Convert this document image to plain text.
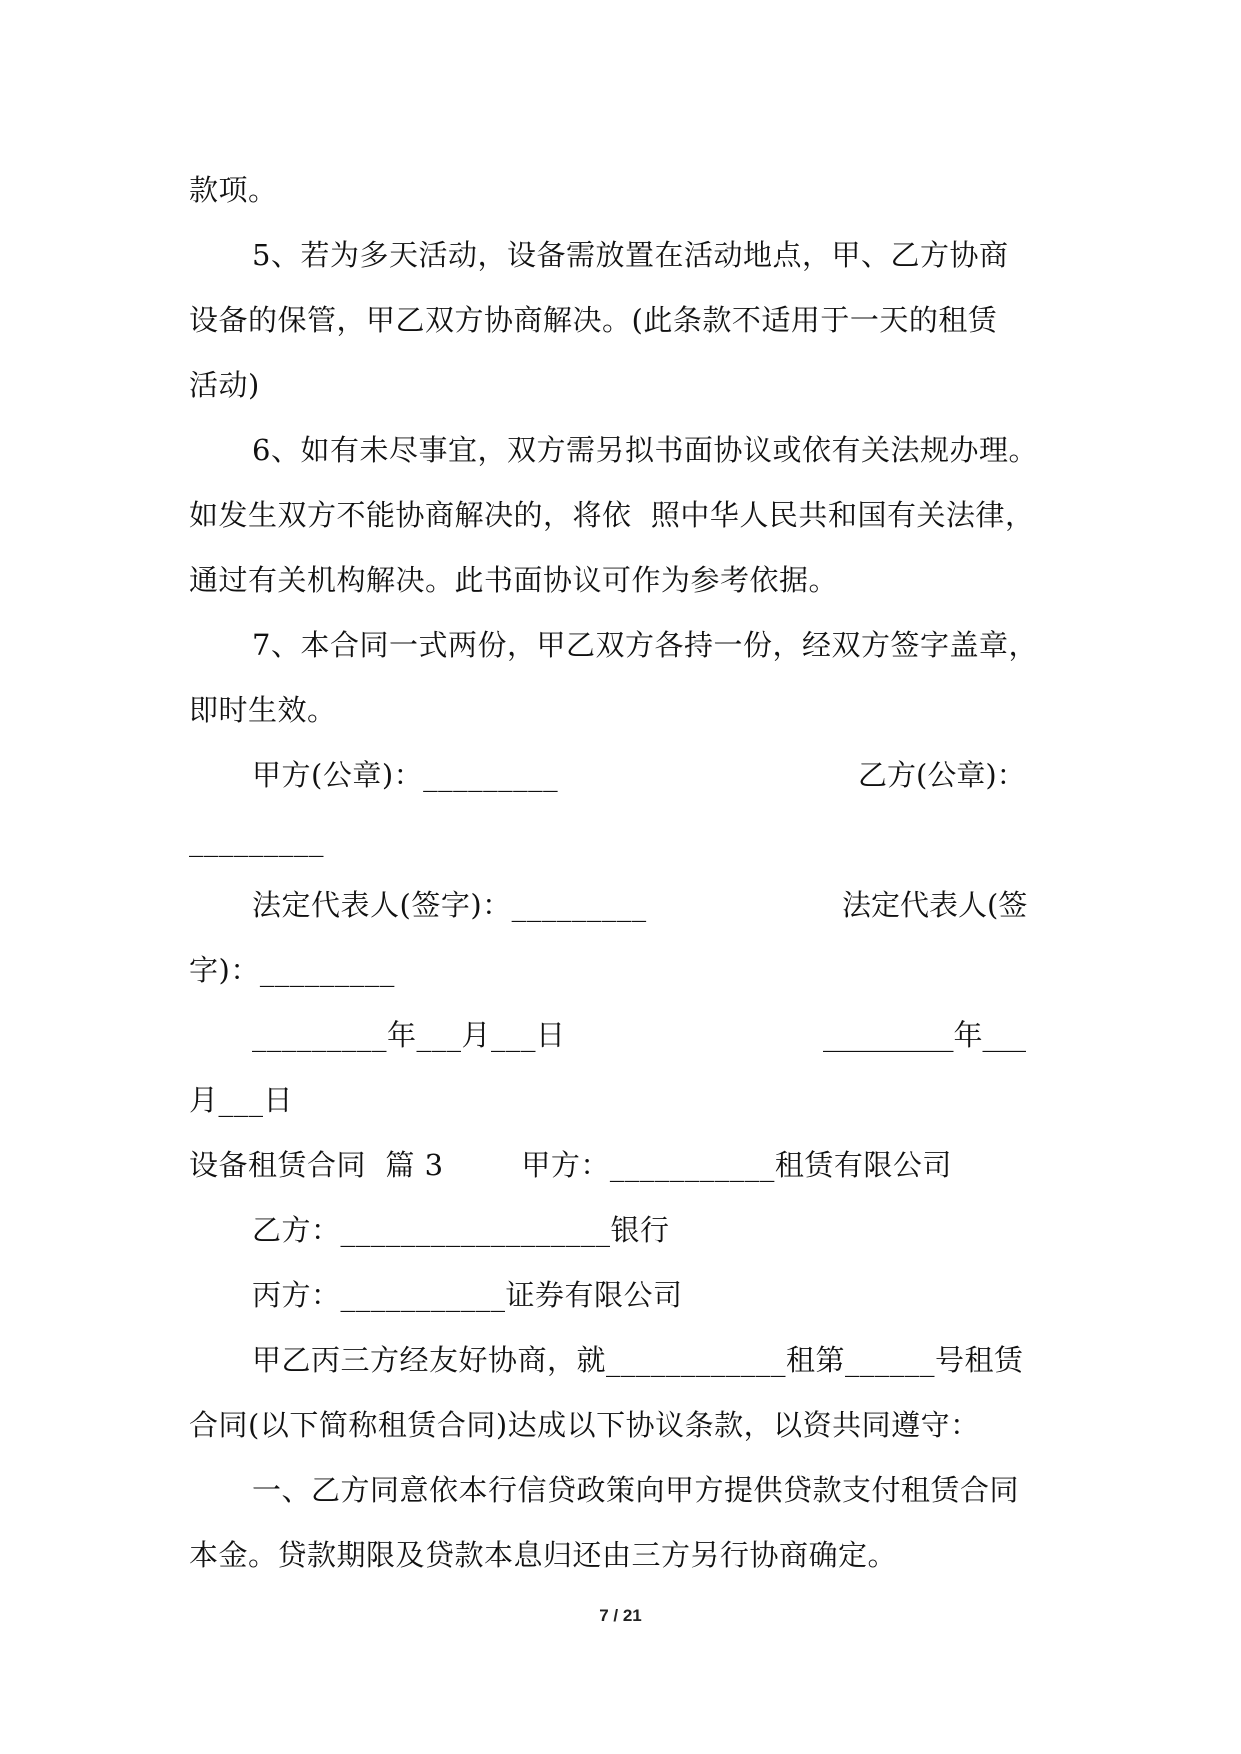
款项。
5、若为多天活动，设备需放置在活动地点，甲、乙方协商
设备的保管，甲乙双方协商解决。(此条款不适用于一天的租赁
活动)
6、如有未尽事宜，双方需另拟书面协议或依有关法规办理。
如发生双方不能协商解决的，将依  照中华人民共和国有关法律，
通过有关机构解决。此书面协议可作为参考依据。
7、本合同一式两份，甲乙双方各持一份，经双方签字盖章，
即时生效。
甲方(公章)：_________	乙方(公章)：
_________
法定代表人(签字)：_________	法定代表人(签
字)：_________
_________年___月___日	_________年___
月___日
设备租赁合同  篇 3        甲方：___________租赁有限公司
乙方：__________________银行
丙方：___________证券有限公司
甲乙丙三方经友好协商，就____________租第______号租赁
合同(以下简称租赁合同)达成以下协议条款，以资共同遵守：
一、乙方同意依本行信贷政策向甲方提供贷款支付租赁合同
本金。贷款期限及贷款本息归还由三方另行协商确定。
7 / 21
